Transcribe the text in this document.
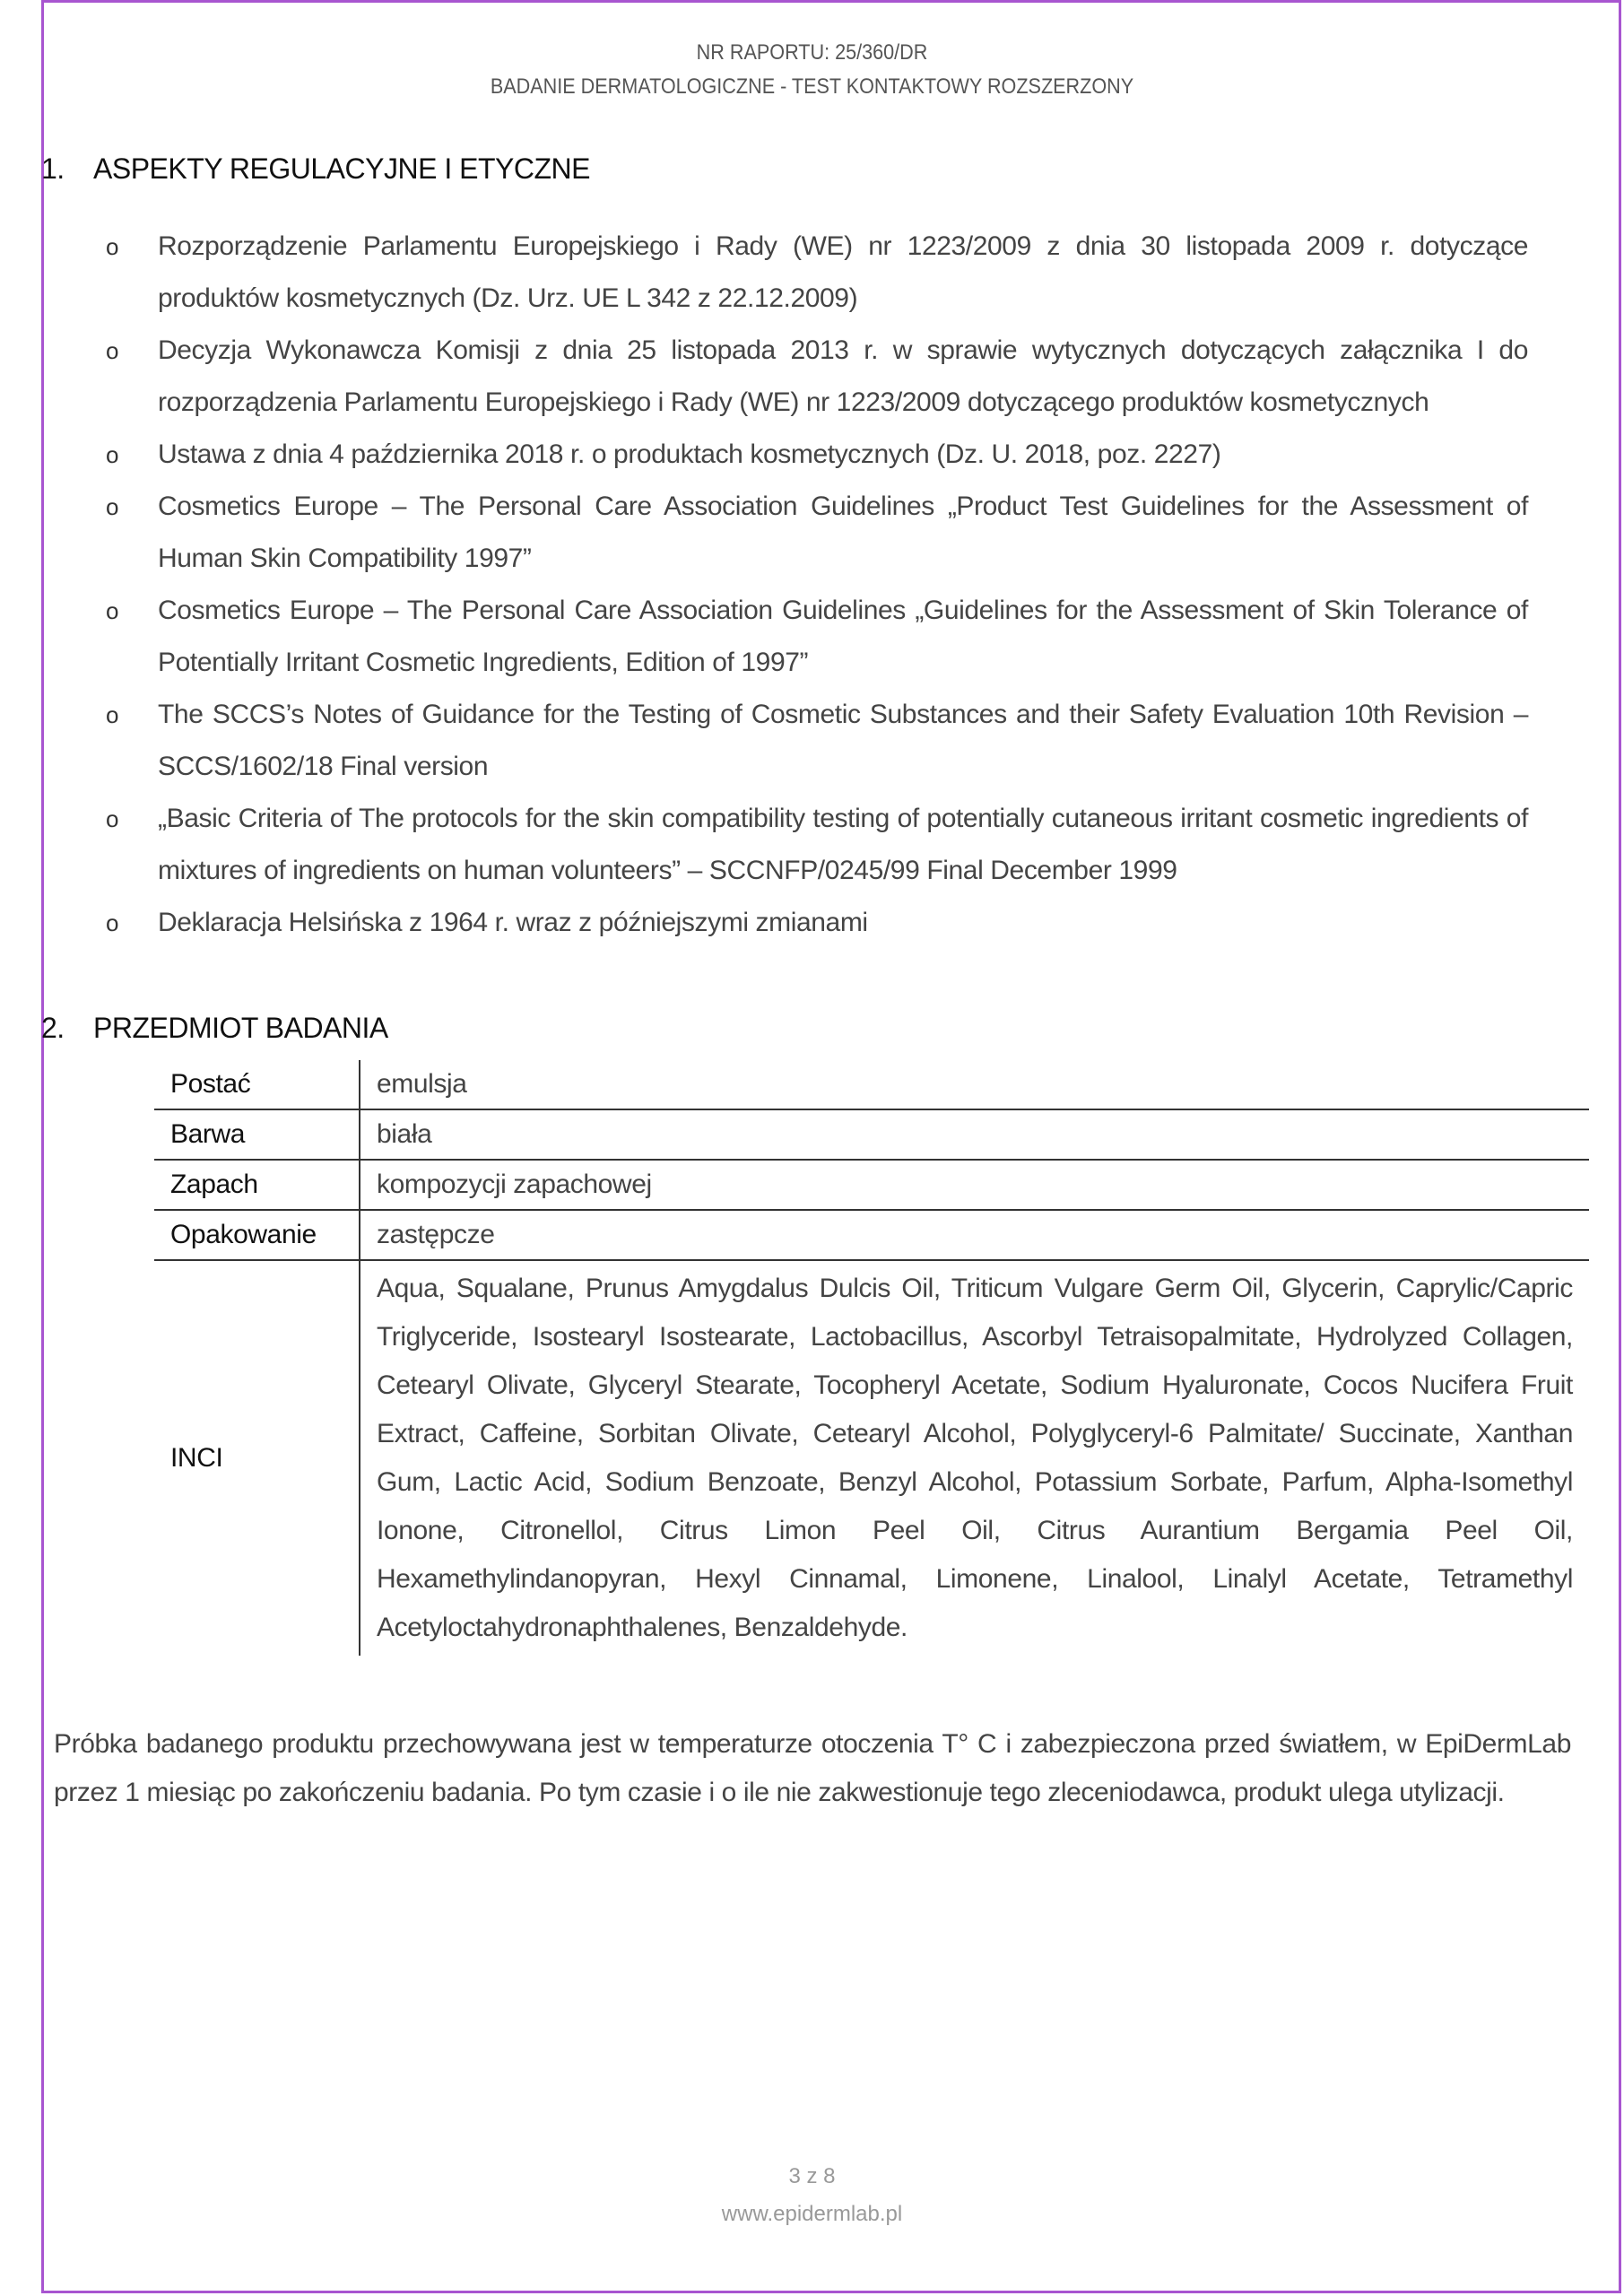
NR RAPORTU: 25/360/DR
BADANIE DERMATOLOGICZNE - TEST KONTAKTOWY ROZSZERZONY
1. ASPEKTY REGULACYJNE I ETYCZNE
o Rozporządzenie Parlamentu Europejskiego i Rady (WE) nr 1223/2009 z dnia 30 listopada 2009 r. dotyczące produktów kosmetycznych (Dz. Urz. UE L 342 z 22.12.2009)
o Decyzja Wykonawcza Komisji z dnia 25 listopada 2013 r. w sprawie wytycznych dotyczących załącznika I do rozporządzenia Parlamentu Europejskiego i Rady (WE) nr 1223/2009 dotyczącego produktów kosmetycznych
o Ustawa z dnia 4 października 2018 r. o produktach kosmetycznych (Dz. U. 2018, poz. 2227)
o Cosmetics Europe – The Personal Care Association Guidelines „Product Test Guidelines for the Assessment of Human Skin Compatibility 1997”
o Cosmetics Europe – The Personal Care Association Guidelines „Guidelines for the Assessment of Skin Tolerance of Potentially Irritant Cosmetic Ingredients, Edition of 1997”
o The SCCS’s Notes of Guidance for the Testing of Cosmetic Substances and their Safety Evaluation 10th Revision – SCCS/1602/18 Final version
o „Basic Criteria of The protocols for the skin compatibility testing of potentially cutaneous irritant cosmetic ingredients of mixtures of ingredients on human volunteers” – SCCNFP/0245/99 Final December 1999
o Deklaracja Helsińska z 1964 r. wraz z późniejszymi zmianami
2. PRZEDMIOT BADANIA
Postać	emulsja
Barwa	biała
Zapach	kompozycji zapachowej
Opakowanie	zastępcze
INCI	Aqua, Squalane, Prunus Amygdalus Dulcis Oil, Triticum Vulgare Germ Oil, Glycerin, Caprylic/Capric Triglyceride, Isostearyl Isostearate, Lactobacillus, Ascorbyl Tetraisopalmitate, Hydrolyzed Collagen, Cetearyl Olivate, Glyceryl Stearate, Tocopheryl Acetate, Sodium Hyaluronate, Cocos Nucifera Fruit Extract, Caffeine, Sorbitan Olivate, Cetearyl Alcohol, Polyglyceryl-6 Palmitate/ Succinate, Xanthan Gum, Lactic Acid, Sodium Benzoate, Benzyl Alcohol, Potassium Sorbate, Parfum, Alpha-Isomethyl Ionone, Citronellol, Citrus Limon Peel Oil, Citrus Aurantium Bergamia Peel Oil, Hexamethylindanopyran, Hexyl Cinnamal, Limonene, Linalool, Linalyl Acetate, Tetramethyl Acetyloctahydronaphthalenes, Benzaldehyde.
Próbka badanego produktu przechowywana jest w temperaturze otoczenia T° C i zabezpieczona przed światłem, w EpiDermLab przez 1 miesiąc po zakończeniu badania. Po tym czasie i o ile nie zakwestionuje tego zleceniodawca, produkt ulega utylizacji.
3 z 8
www.epidermlab.pl
